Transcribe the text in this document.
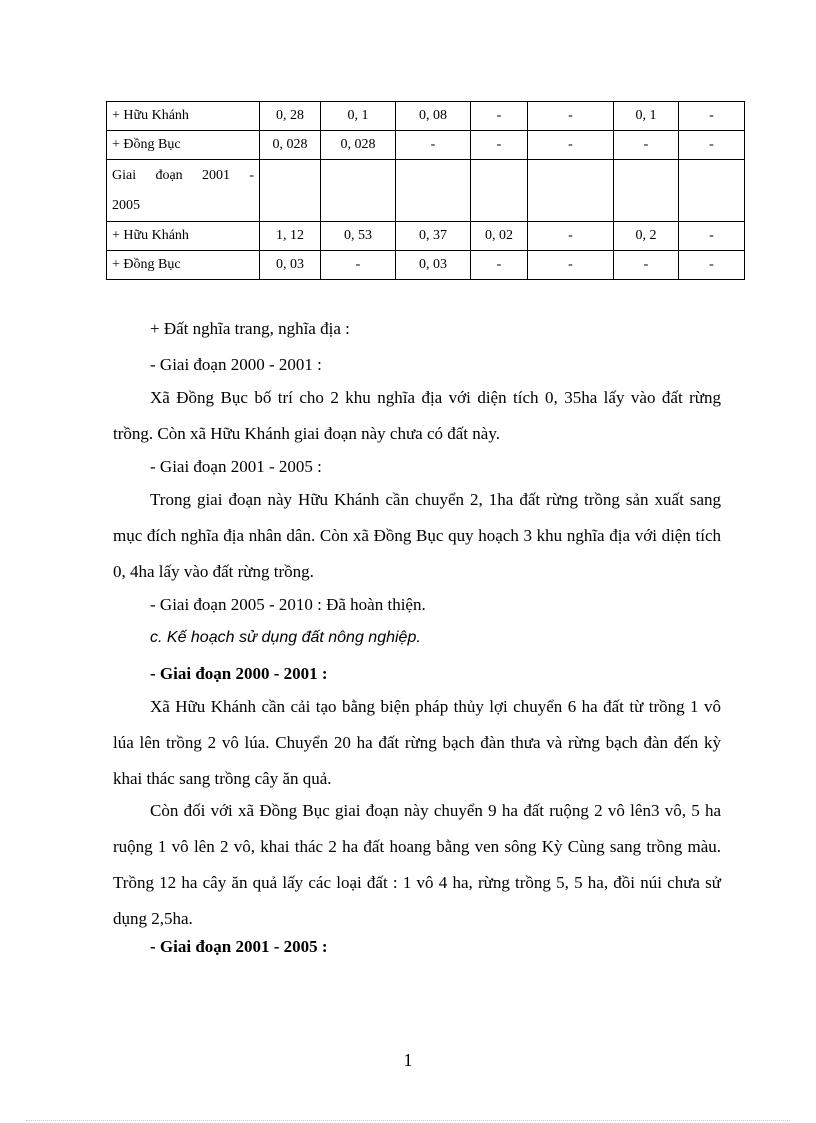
+ Hữu Khánh	0, 28	0, 1	0, 08	-	-	0, 1	-
+ Đồng Bục	0, 028	0, 028	-	-	-	-	-

Giai đoạn 2001 -
2005							

+ Hữu Khánh	1, 12	0, 53	0, 37	0, 02	-	0, 2	-
+ Đồng Bục	0, 03	-	0, 03	-	-	-	-

+ Đất nghĩa trang, nghĩa địa :

- Giai đoạn 2000 - 2001 :

Xã Đồng Bục bố trí cho 2 khu nghĩa địa với diện tích 0, 35ha lấy vào đất rừng trồng. Còn xã Hữu Khánh giai đoạn này chưa có đất này.

- Giai đoạn 2001 - 2005 :

Trong giai đoạn này Hữu Khánh cần chuyển 2, 1ha đất rừng trồng sản xuất sang mục đích nghĩa địa nhân dân. Còn xã Đồng Bục quy hoạch 3 khu nghĩa địa với diện tích 0, 4ha lấy vào đất rừng trồng.

- Giai đoạn 2005 - 2010 : Đã hoàn thiện.

c. Kế hoạch sử dụng đất nông nghiệp.

- Giai đoạn 2000 - 2001 :

Xã Hữu Khánh cần cải tạo bằng biện pháp thủy lợi chuyển 6 ha đất từ trồng 1 vô lúa lên trồng 2 vô lúa. Chuyển 20 ha đất rừng bạch đàn thưa và rừng bạch đàn đến kỳ khai thác sang trồng cây ăn quả.

Còn đối với xã Đồng Bục giai đoạn này chuyển 9 ha đất ruộng 2 vô lên3 vô, 5 ha ruộng 1 vô lên 2 vô, khai thác 2 ha đất hoang bằng ven sông Kỳ Cùng sang trồng màu. Trồng 12 ha cây ăn quả lấy các loại đất : 1 vô 4 ha, rừng trồng 5, 5 ha, đồi núi chưa sử dụng 2,5ha.

- Giai đoạn 2001 - 2005 :

1
